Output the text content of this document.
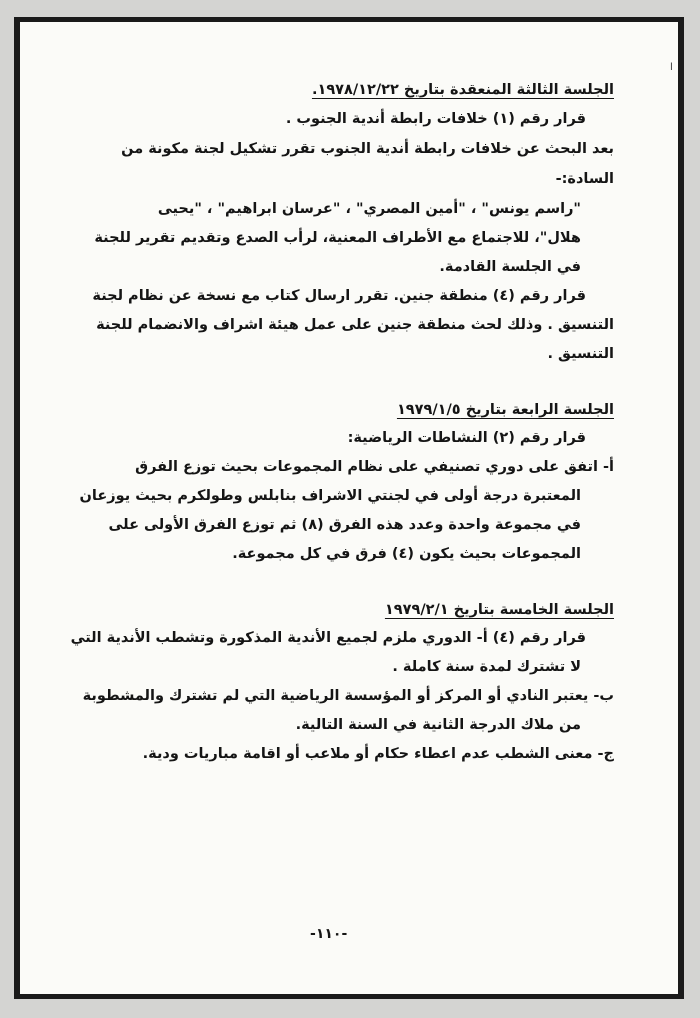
ا
الجلسة الثالثة المنعقدة بتاريخ ١٩٧٨/١٢/٢٢.
قرار رقم (١) خلافات رابطة أندية الجنوب .
بعد البحث عن خلافات رابطة أندية الجنوب تقرر تشكيل لجنة مكونة من
السادة:-
"راسم يونس" ، "أمين المصري" ، "عرسان ابراهيم" ، "يحيى
هلال"، للاجتماع مع الأطراف المعنية، لرأب الصدع وتقديم تقرير للجنة
في الجلسة القادمة.
قرار رقم (٤) منطقة جنين. تقرر ارسال كتاب مع نسخة عن نظام لجنة
التنسيق . وذلك لحث منطقة جنين على عمل هيئة اشراف والانضمام للجنة
التنسيق .
الجلسة الرابعة بتاريخ ١٩٧٩/١/٥
قرار رقم (٢) النشاطات الرياضية:
أ- اتفق على دوري تصنيفي على نظام المجموعات بحيث توزع الفرق
المعتبرة درجة أولى في لجنتي الاشراف بنابلس وطولكرم بحيث يوزعان
في مجموعة واحدة وعدد هذه الفرق (٨) ثم توزع الفرق الأولى على
المجموعات بحيث يكون (٤) فرق في كل مجموعة.
الجلسة الخامسة بتاريخ ١٩٧٩/٢/١
قرار رقم (٤) أ- الدوري ملزم لجميع الأندية المذكورة وتشطب الأندية التي
لا تشترك لمدة سنة كاملة .
ب- يعتبر النادي أو المركز أو المؤسسة الرياضية التي لم تشترك والمشطوبة
من ملاك الدرجة الثانية في السنة التالية.
ج- معنى الشطب عدم اعطاء حكام أو ملاعب أو اقامة مباريات ودية.
-١١٠-
